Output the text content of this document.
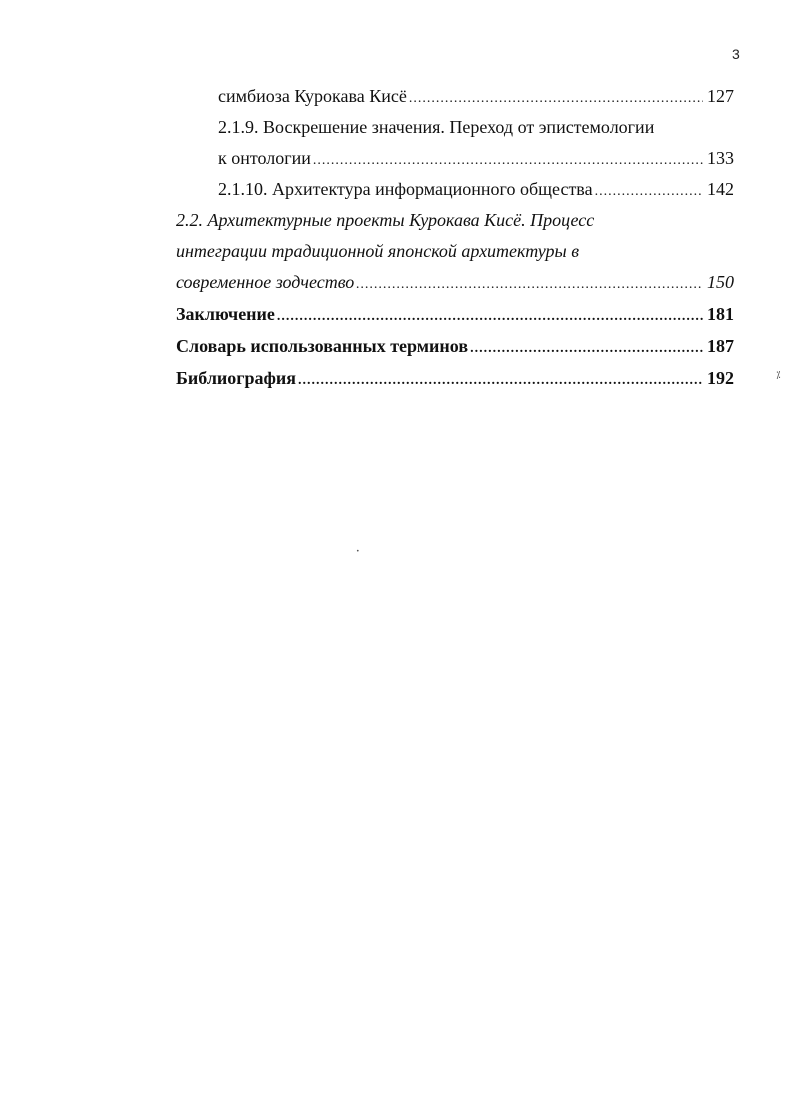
3
симбиоза Курокава Кисё .....	127
2.1.9. Воскрешение значения. Переход от эпистемологии
к онтологии .....	133
2.1.10. Архитектура информационного общества .....	142
2.2. Архитектурные проекты Курокава Кисё. Процесс
интеграции традиционной японской архитектуры в
современное зодчество .....	150
Заключение .....	181
Словарь использованных терминов .....	187
Библиография .....	192	⁒
•
